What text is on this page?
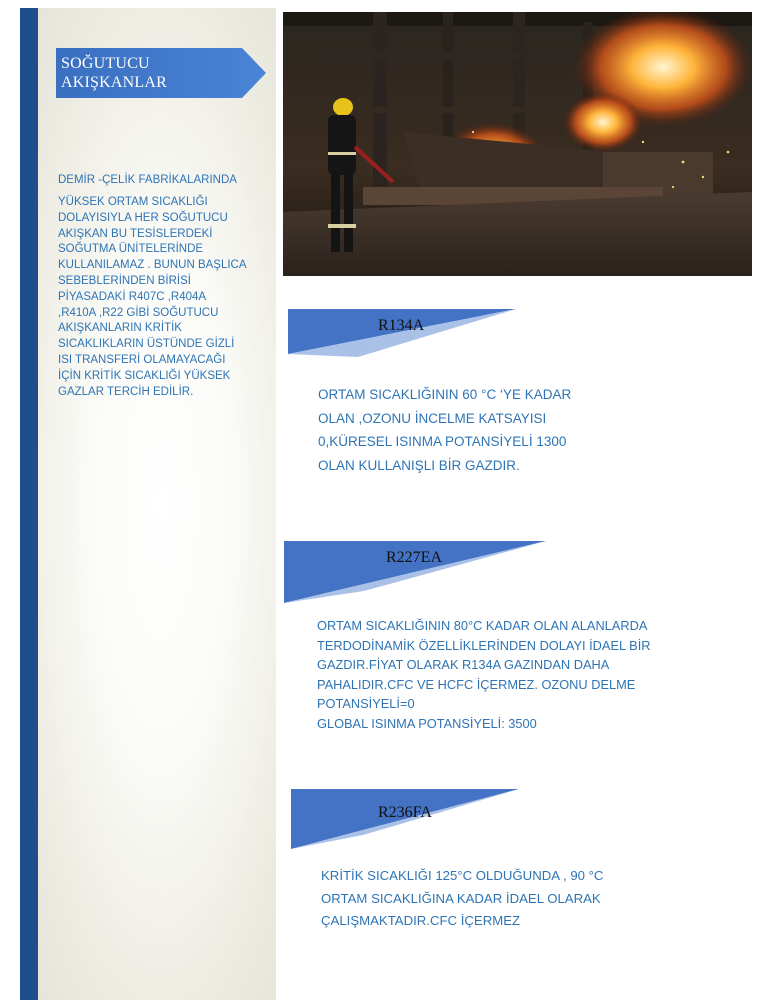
SOĞUTUCU
AKIŞKANLAR

DEMİR -ÇELİK FABRİKALARINDA

YÜKSEK ORTAM SICAKLIĞI
DOLAYISIYLA HER SOĞUTUCU
AKIŞKAN BU TESİSLERDEKİ
SOĞUTMA ÜNİTELERİNDE
KULLANILAMAZ . BUNUN BAŞLICA
SEBEBLERİNDEN BİRİSİ
PİYASADAKİ R407C ,R404A
,R410A ,R22 GİBİ SOĞUTUCU
AKIŞKANLARIN KRİTİK
SICAKLIKLARIN ÜSTÜNDE GİZLİ
ISI TRANSFERİ OLAMAYACAĞI
İÇİN KRİTİK SICAKLIĞI YÜKSEK
GAZLAR TERCİH EDİLİR.

R134A

ORTAM SICAKLIĞININ 60 °C ‘YE KADAR
OLAN ,OZONU İNCELME KATSAYISI
0,KÜRESEL ISINMA POTANSİYELİ 1300
OLAN KULLANIŞLI BİR GAZDIR.

R227EA

ORTAM SICAKLIĞININ 80°C KADAR OLAN ALANLARDA
TERDODİNAMİK ÖZELLİKLERİNDEN DOLAYI İDAEL BİR
GAZDIR.FİYAT OLARAK R134A GAZINDAN DAHA
PAHALIDIR.CFC VE HCFC İÇERMEZ. OZONU DELME
POTANSİYELİ=0
GLOBAL ISINMA POTANSİYELİ: 3500

R236FA

KRİTİK SICAKLIĞI 125°C OLDUĞUNDA , 90 °C
ORTAM SICAKLIĞINA KADAR İDAEL OLARAK
ÇALIŞMAKTADIR.CFC İÇERMEZ
